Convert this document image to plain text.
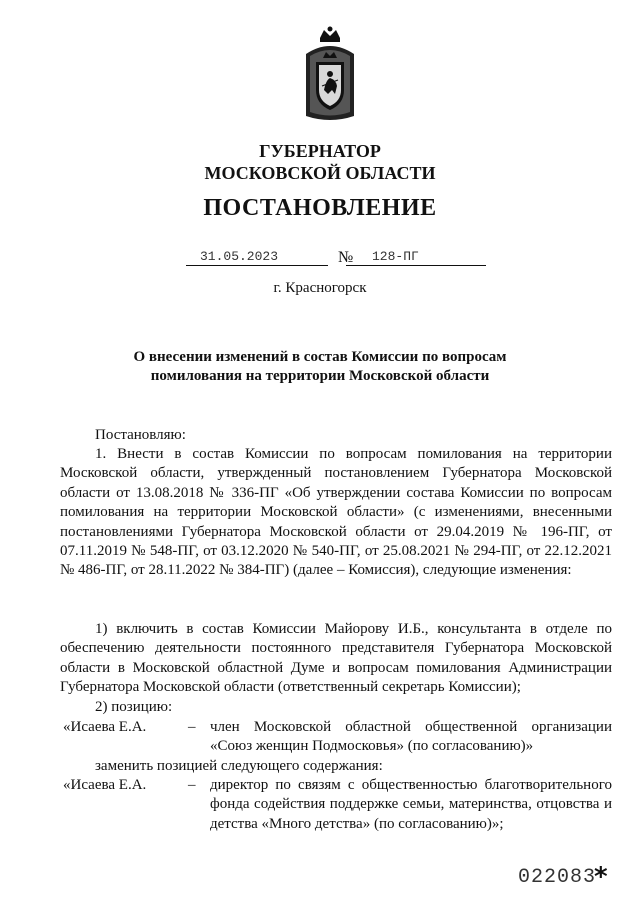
ГУБЕРНАТОР
МОСКОВСКОЙ ОБЛАСТИ
ПОСТАНОВЛЕНИЕ
31.05.2023	№ 128-ПГ
г. Красногорск
О внесении изменений в состав Комиссии по вопросам
помилования на территории Московской области
Постановляю:
1. Внести в состав Комиссии по вопросам помилования на территории Московской области, утвержденный постановлением Губернатора Московской области от 13.08.2018 № 336-ПГ «Об утверждении состава Комиссии по вопросам помилования на территории Московской области» (с изменениями, внесенными постановлениями Губернатора Московской области от 29.04.2019 № 196-ПГ, от 07.11.2019 № 548-ПГ, от 03.12.2020 № 540-ПГ, от 25.08.2021 № 294-ПГ, от 22.12.2021 № 486-ПГ, от 28.11.2022 № 384-ПГ) (далее – Комиссия), следующие изменения:
1) включить в состав Комиссии Майорову И.Б., консультанта в отделе по обеспечению деятельности постоянного представителя Губернатора Московской области в Московской областной Думе и вопросам помилования Администрации Губернатора Московской области (ответственный секретарь Комиссии);
2) позицию:
«Исаева Е.А.	– член Московской областной общественной организации «Союз женщин Подмосковья» (по согласованию)»
заменить позицией следующего содержания:
«Исаева Е.А.	– директор по связям с общественностью благотворительного фонда содействия поддержке семьи, материнства, отцовства и детства «Много детства» (по согласованию)»;
022083
*
